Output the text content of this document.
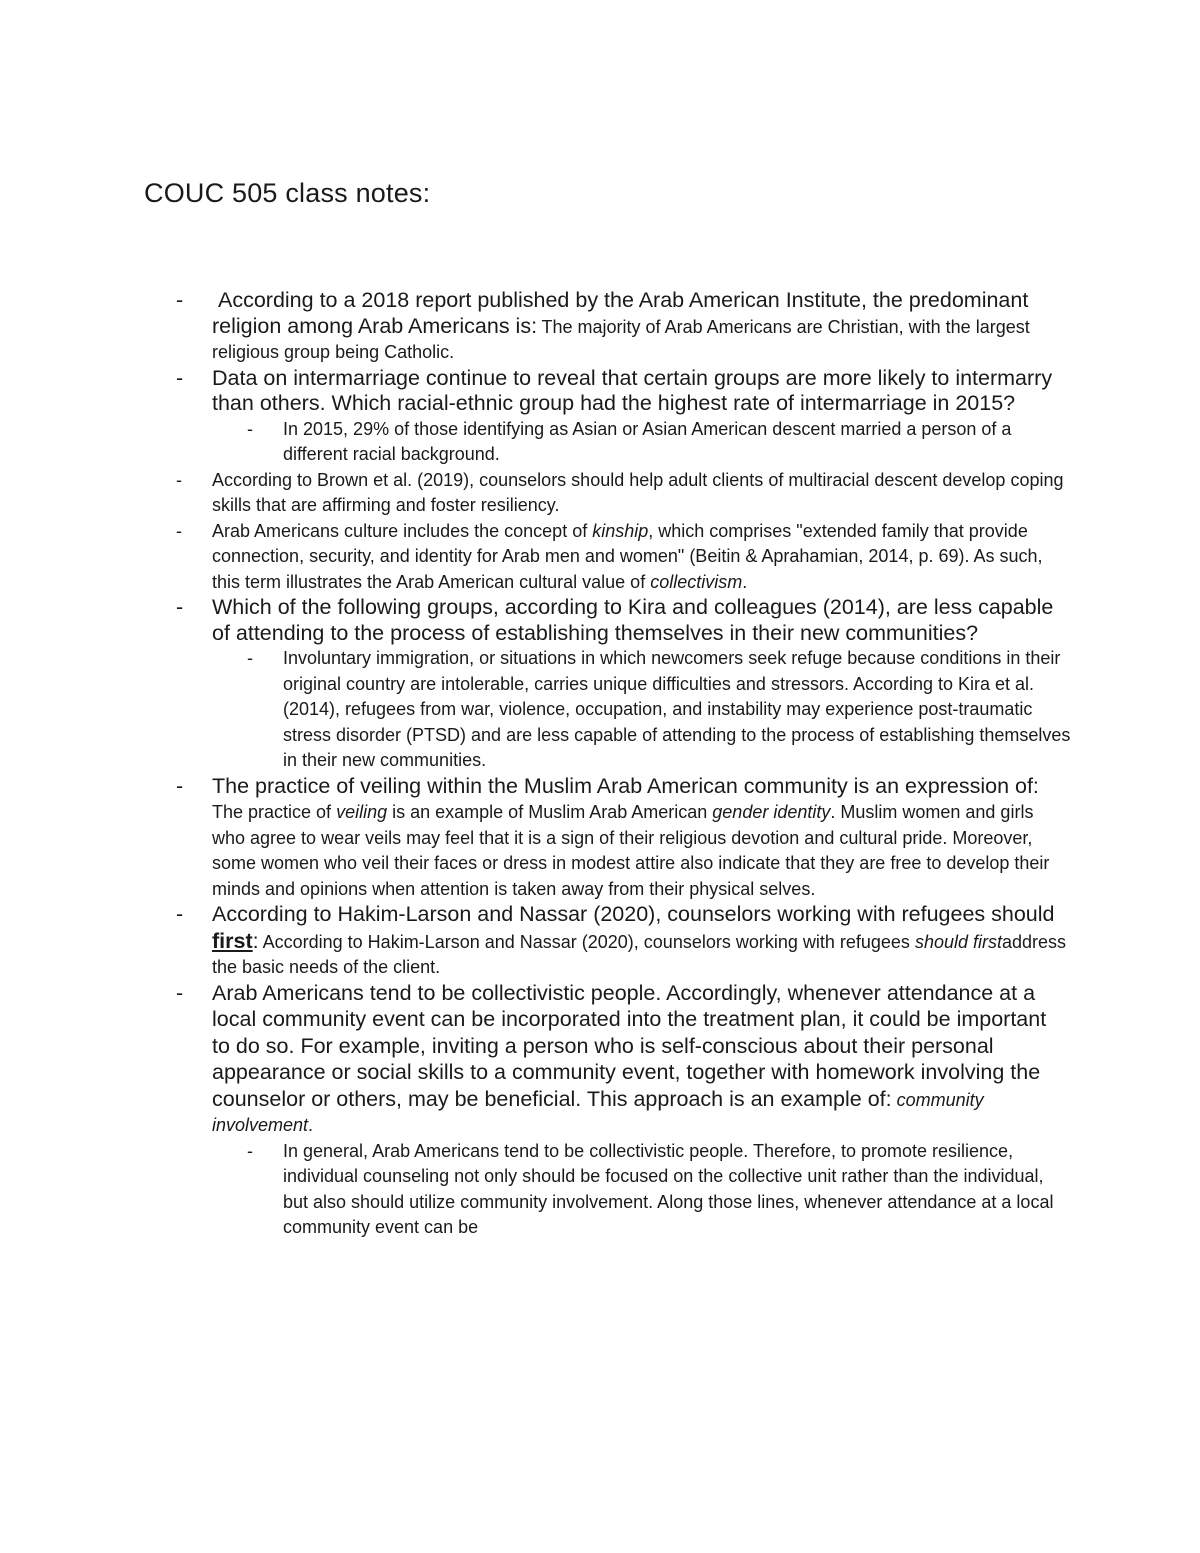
COUC 505 class notes:
- According to a 2018 report published by the Arab American Institute, the predominant religion among Arab Americans is: The majority of Arab Americans are Christian, with the largest religious group being Catholic.
- Data on intermarriage continue to reveal that certain groups are more likely to intermarry than others. Which racial-ethnic group had the highest rate of intermarriage in 2015?
- In 2015, 29% of those identifying as Asian or Asian American descent married a person of a different racial background.
- According to Brown et al. (2019), counselors should help adult clients of multiracial descent develop coping skills that are affirming and foster resiliency.
- Arab Americans culture includes the concept of kinship, which comprises "extended family that provide connection, security, and identity for Arab men and women" (Beitin & Aprahamian, 2014, p. 69). As such, this term illustrates the Arab American cultural value of collectivism.
- Which of the following groups, according to Kira and colleagues (2014), are less capable of attending to the process of establishing themselves in their new communities?
- Involuntary immigration, or situations in which newcomers seek refuge because conditions in their original country are intolerable, carries unique difficulties and stressors. According to Kira et al. (2014), refugees from war, violence, occupation, and instability may experience post-traumatic stress disorder (PTSD) and are less capable of attending to the process of establishing themselves in their new communities.
- The practice of veiling within the Muslim Arab American community is an expression of: The practice of veiling is an example of Muslim Arab American gender identity. Muslim women and girls who agree to wear veils may feel that it is a sign of their religious devotion and cultural pride. Moreover, some women who veil their faces or dress in modest attire also indicate that they are free to develop their minds and opinions when attention is taken away from their physical selves.
- According to Hakim-Larson and Nassar (2020), counselors working with refugees should first: According to Hakim-Larson and Nassar (2020), counselors working with refugees should firstaddress the basic needs of the client.
- Arab Americans tend to be collectivistic people. Accordingly, whenever attendance at a local community event can be incorporated into the treatment plan, it could be important to do so. For example, inviting a person who is self-conscious about their personal appearance or social skills to a community event, together with homework involving the counselor or others, may be beneficial. This approach is an example of: community involvement.
- In general, Arab Americans tend to be collectivistic people. Therefore, to promote resilience, individual counseling not only should be focused on the collective unit rather than the individual, but also should utilize community involvement. Along those lines, whenever attendance at a local community event can be
